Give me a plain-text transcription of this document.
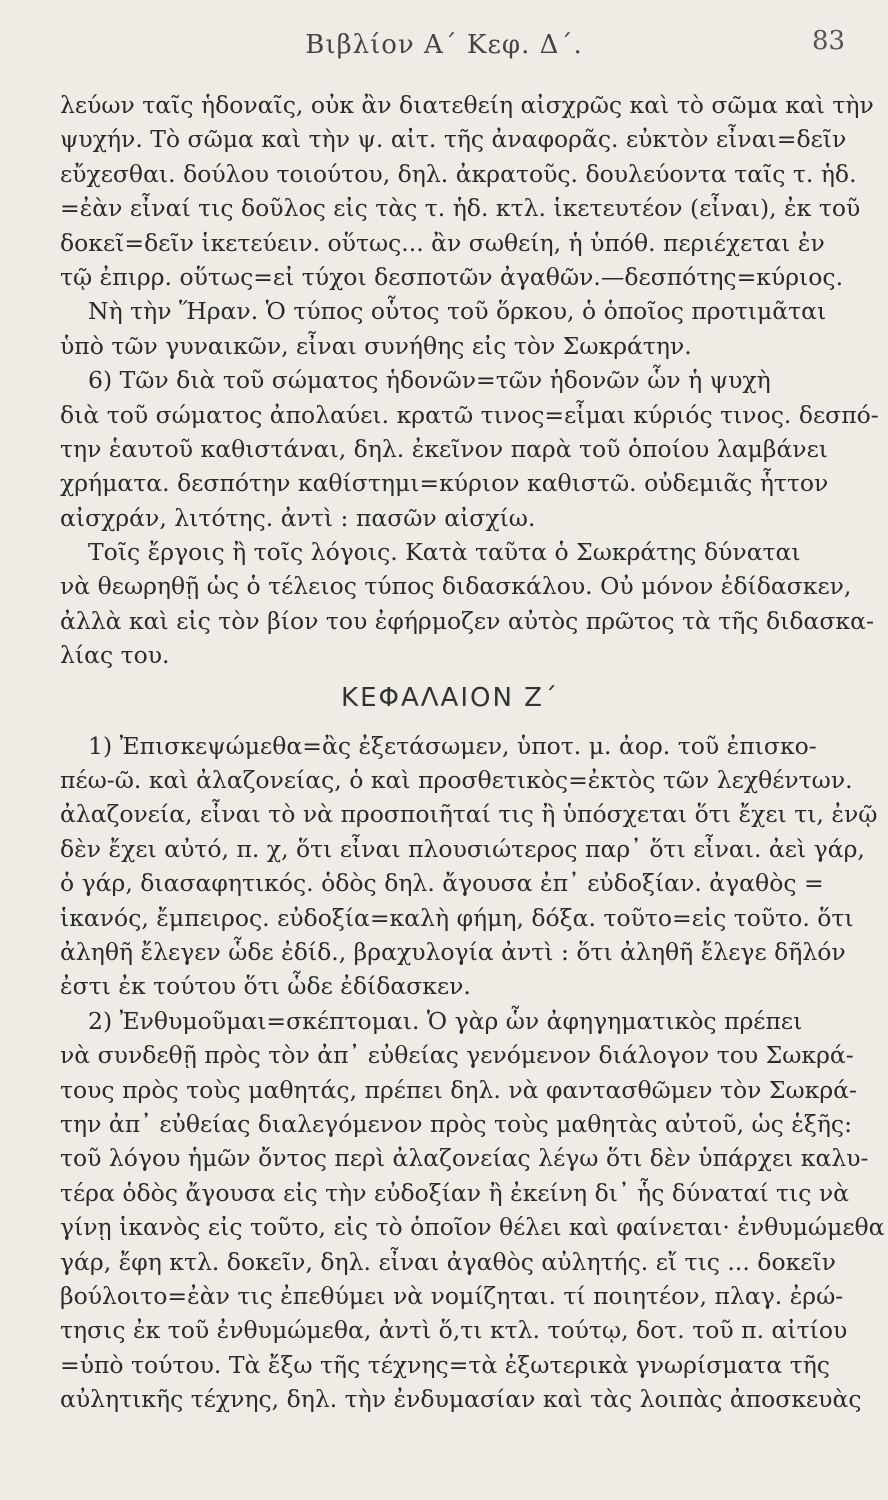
Βιβλίον Α΄ Κεφ. Δ΄.	83
λεύων ταῖς ἡδοναῖς, οὐκ ἂν διατεθείη αἰσχρῶς καὶ τὸ σῶμα καὶ τὴν
ψυχήν. Τὸ σῶμα καὶ τὴν ψ. αἰτ. τῆς ἀναφορᾶς. εὐκτὸν εἶναι=δεῖν
εὔχεσθαι. δούλου τοιούτου, δηλ. ἀκρατοῦς. δουλεύοντα ταῖς τ. ἡδ.
=ἐὰν εἶναί τις δοῦλος εἰς τὰς τ. ἡδ. κτλ. ἱκετευτέον (εἶναι), ἐκ τοῦ
δοκεῖ=δεῖν ἱκετεύειν. οὕτως... ἂν σωθείη, ἡ ὑπόθ. περιέχεται ἐν
τῷ ἐπιρρ. οὕτως=εἰ τύχοι δεσποτῶν ἀγαθῶν.—δεσπότης=κύριος.
Νὴ τὴν Ἥραν. Ὁ τύπος οὗτος τοῦ ὅρκου, ὁ ὁποῖος προτιμᾶται
ὑπὸ τῶν γυναικῶν, εἶναι συνήθης εἰς τὸν Σωκράτην.
6) Τῶν διὰ τοῦ σώματος ἡδονῶν=τῶν ἡδονῶν ὧν ἡ ψυχὴ
διὰ τοῦ σώματος ἀπολαύει. κρατῶ τινος=εἶμαι κύριός τινος. δεσπό-
την ἑαυτοῦ καθιστάναι, δηλ. ἐκεῖνον παρὰ τοῦ ὁποίου λαμβάνει
χρήματα. δεσπότην καθίστημι=κύριον καθιστῶ. οὐδεμιᾶς ἧττον
αἰσχράν, λιτότης. ἀντὶ : πασῶν αἰσχίω.
Τοῖς ἔργοις ἢ τοῖς λόγοις. Κατὰ ταῦτα ὁ Σωκράτης δύναται
νὰ θεωρηθῇ ὡς ὁ τέλειος τύπος διδασκάλου. Οὐ μόνον ἐδίδασκεν,
ἀλλὰ καὶ εἰς τὸν βίον του ἐφήρμοζεν αὐτὸς πρῶτος τὰ τῆς διδασκα-
λίας του.
ΚΕΦΑΛΑΙΟΝ Ζ΄
1) Ἐπισκεψώμεθα=ἂς ἐξετάσωμεν, ὑποτ. μ. ἀορ. τοῦ ἐπισκο-
πέω-ῶ. καὶ ἀλαζονείας, ὁ καὶ προσθετικὸς=ἐκτὸς τῶν λεχθέντων.
ἀλαζονεία, εἶναι τὸ νὰ προσποιῆταί τις ἢ ὑπόσχεται ὅτι ἔχει τι, ἐνῷ
δὲν ἔχει αὐτό, π. χ, ὅτι εἶναι πλουσιώτερος παρ᾽ ὅτι εἶναι. ἀεὶ γάρ,
ὁ γάρ, διασαφητικός. ὁδὸς δηλ. ἄγουσα ἐπ᾽ εὐδοξίαν. ἀγαθὸς =
ἱκανός, ἔμπειρος. εὐδοξία=καλὴ φήμη, δόξα. τοῦτο=εἰς τοῦτο. ὅτι
ἀληθῆ ἔλεγεν ὧδε ἐδίδ., βραχυλογία ἀντὶ : ὅτι ἀληθῆ ἔλεγε δῆλόν
ἐστι ἐκ τούτου ὅτι ὧδε ἐδίδασκεν.
2) Ἐνθυμοῦμαι=σκέπτομαι. Ὁ γὰρ ὧν ἀφηγηματικὸς πρέπει
νὰ συνδεθῇ πρὸς τὸν ἀπ᾽ εὐθείας γενόμενον διάλογον του Σωκρά-
τους πρὸς τοὺς μαθητάς, πρέπει δηλ. νὰ φαντασθῶμεν τὸν Σωκρά-
την ἀπ᾽ εὐθείας διαλεγόμενον πρὸς τοὺς μαθητὰς αὐτοῦ, ὡς ἑξῆς:
τοῦ λόγου ἡμῶν ὄντος περὶ ἀλαζονείας λέγω ὅτι δὲν ὑπάρχει καλυ-
τέρα ὁδὸς ἄγουσα εἰς τὴν εὐδοξίαν ἢ ἐκείνη δι᾽ ἧς δύναταί τις νὰ
γίνῃ ἱκανὸς εἰς τοῦτο, εἰς τὸ ὁποῖον θέλει καὶ φαίνεται· ἐνθυμώμεθα
γάρ, ἔφη κτλ. δοκεῖν, δηλ. εἶναι ἀγαθὸς αὐλητής. εἴ τις ... δοκεῖν
βούλοιτο=ἐὰν τις ἐπεθύμει νὰ νομίζηται. τί ποιητέον, πλαγ. ἐρώ-
τησις ἐκ τοῦ ἐνθυμώμεθα, ἀντὶ ὅ,τι κτλ. τούτῳ, δοτ. τοῦ π. αἰτίου
=ὑπὸ τούτου. Τὰ ἔξω τῆς τέχνης=τὰ ἐξωτερικὰ γνωρίσματα τῆς
αὐλητικῆς τέχνης, δηλ. τὴν ἐνδυμασίαν καὶ τὰς λοιπὰς ἀποσκευὰς
